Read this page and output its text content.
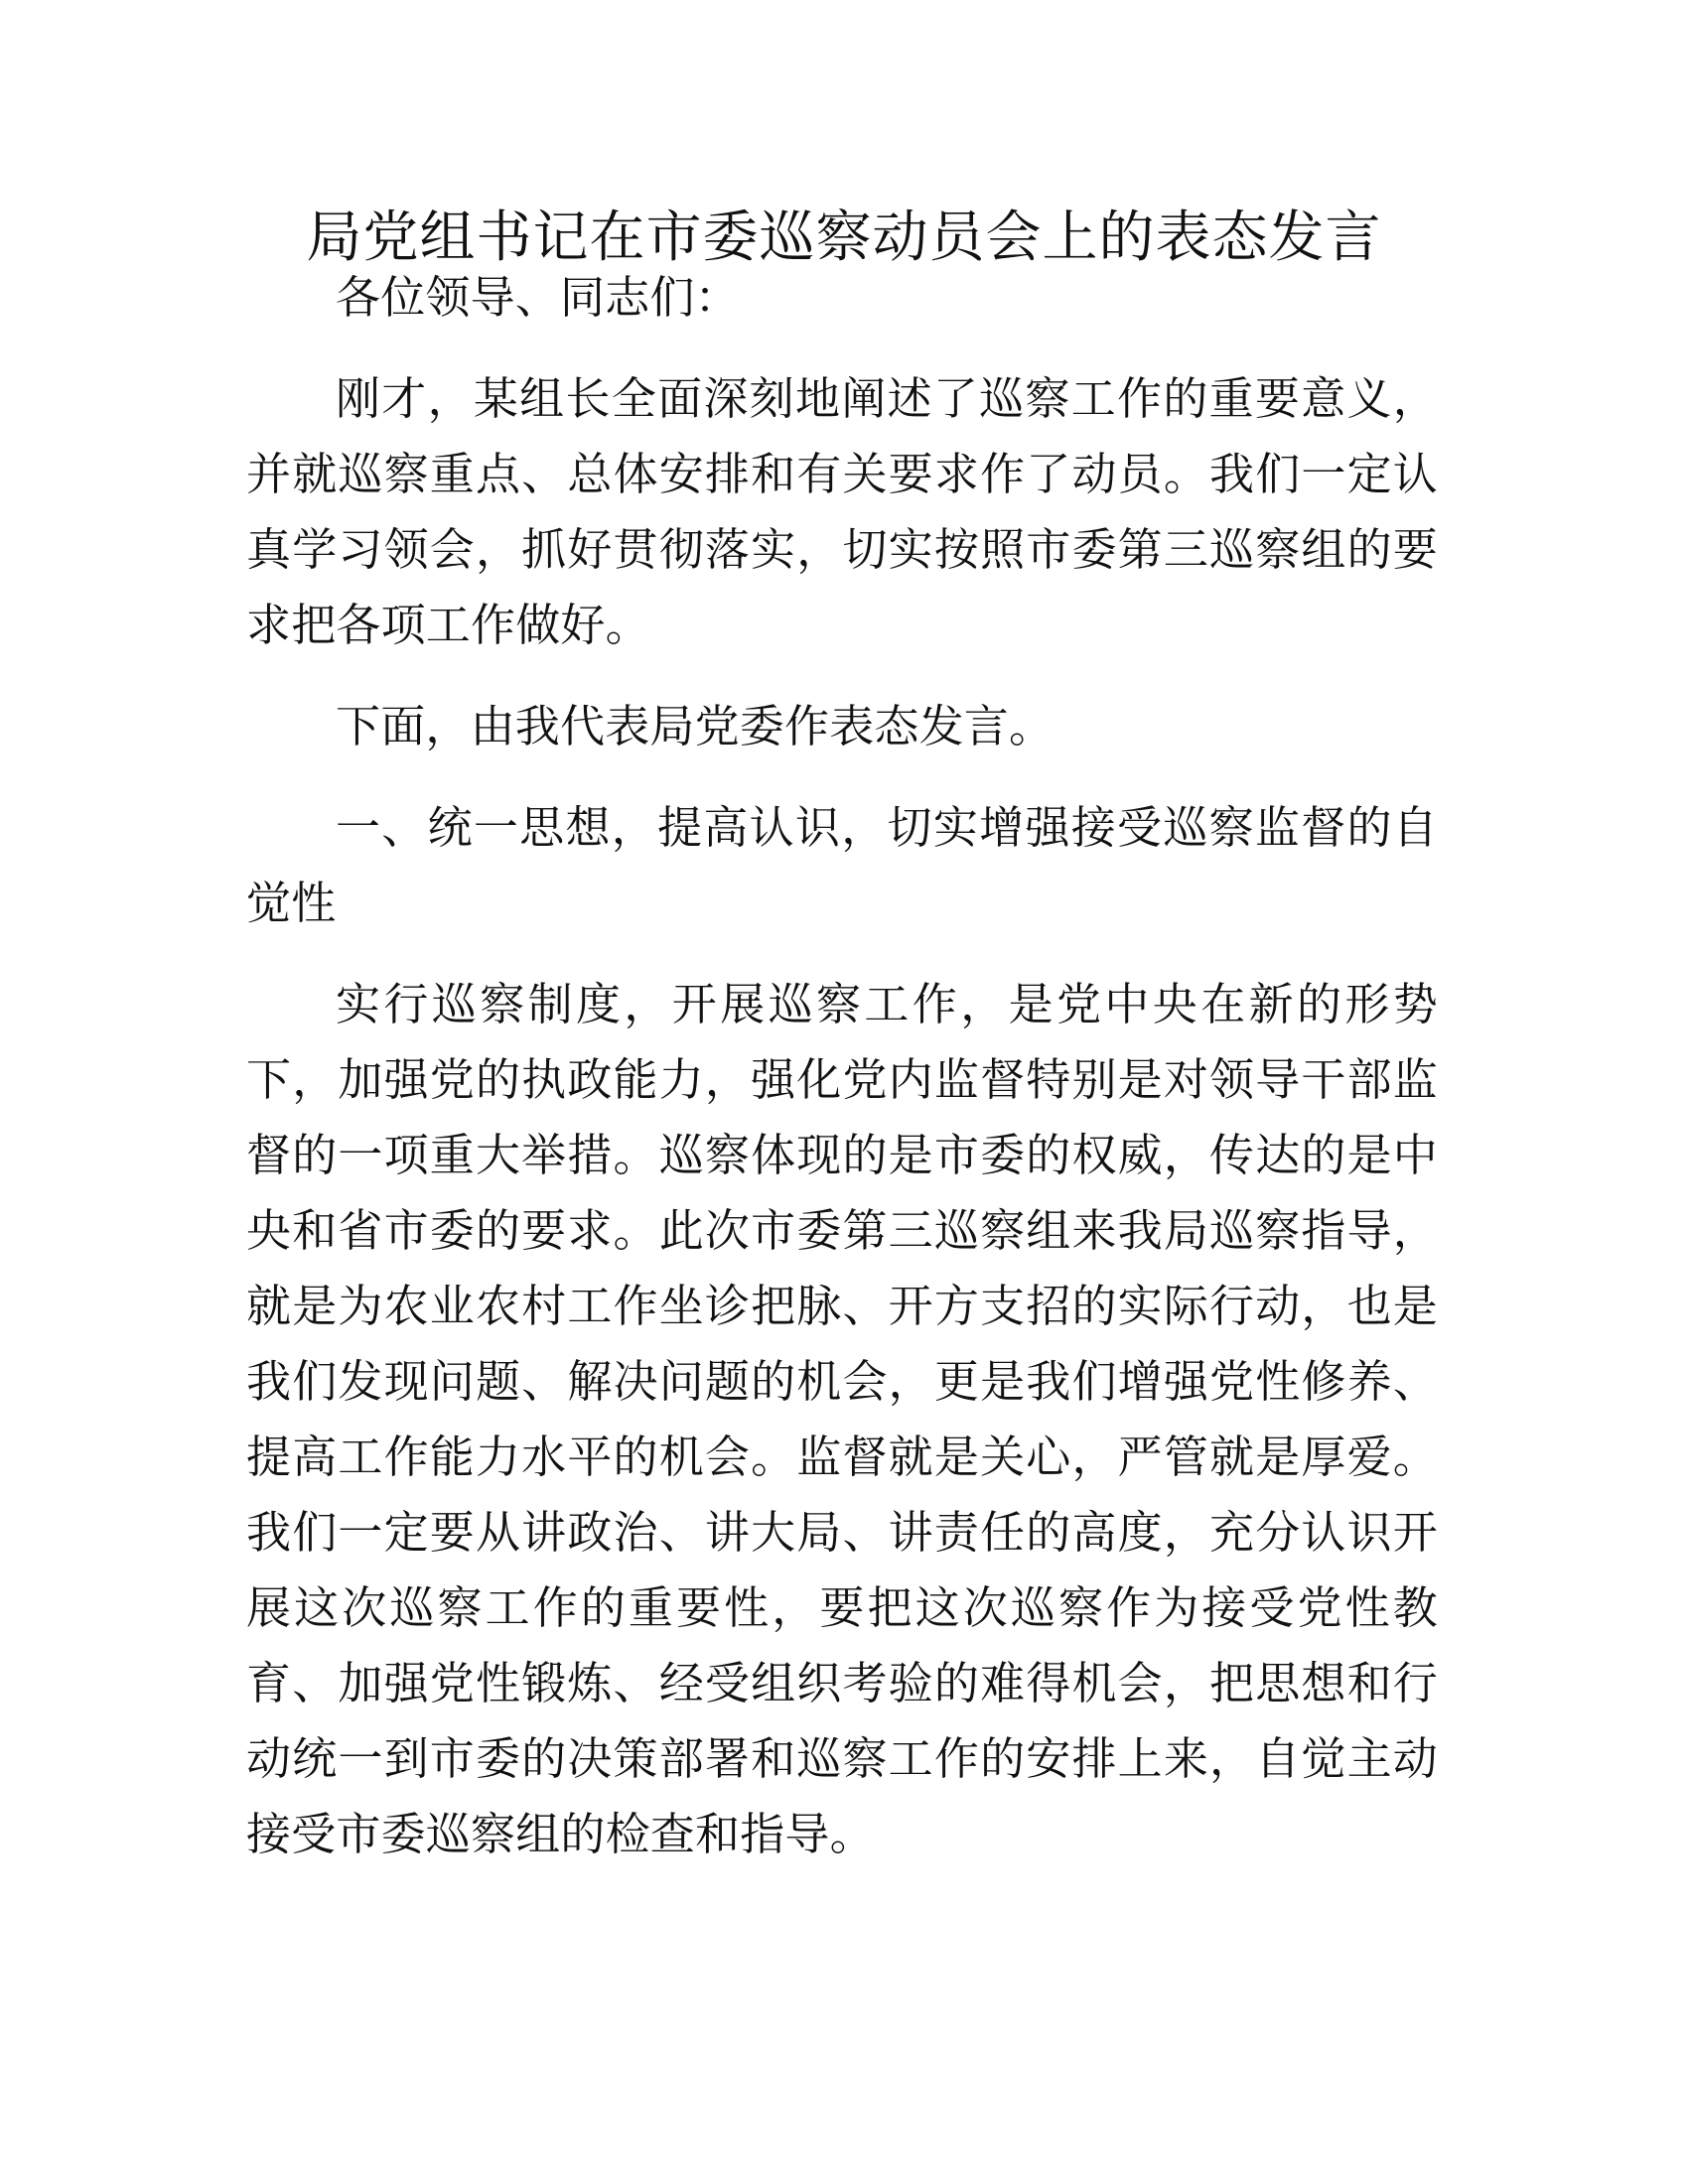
局党组书记在市委巡察动员会上的表态发言

各位领导、同志们：

刚才，某组长全面深刻地阐述了巡察工作的重要意义，并就巡察重点、总体安排和有关要求作了动员。我们一定认真学习领会，抓好贯彻落实，切实按照市委第三巡察组的要求把各项工作做好。

下面，由我代表局党委作表态发言。

一、统一思想，提高认识，切实增强接受巡察监督的自觉性

实行巡察制度，开展巡察工作，是党中央在新的形势下，加强党的执政能力，强化党内监督特别是对领导干部监督的一项重大举措。巡察体现的是市委的权威，传达的是中央和省市委的要求。此次市委第三巡察组来我局巡察指导，就是为农业农村工作坐诊把脉、开方支招的实际行动，也是我们发现问题、解决问题的机会，更是我们增强党性修养、提高工作能力水平的机会。监督就是关心，严管就是厚爱。我们一定要从讲政治、讲大局、讲责任的高度，充分认识开展这次巡察工作的重要性，要把这次巡察作为接受党性教育、加强党性锻炼、经受组织考验的难得机会，把思想和行动统一到市委的决策部署和巡察工作的安排上来，自觉主动接受市委巡察组的检查和指导。
